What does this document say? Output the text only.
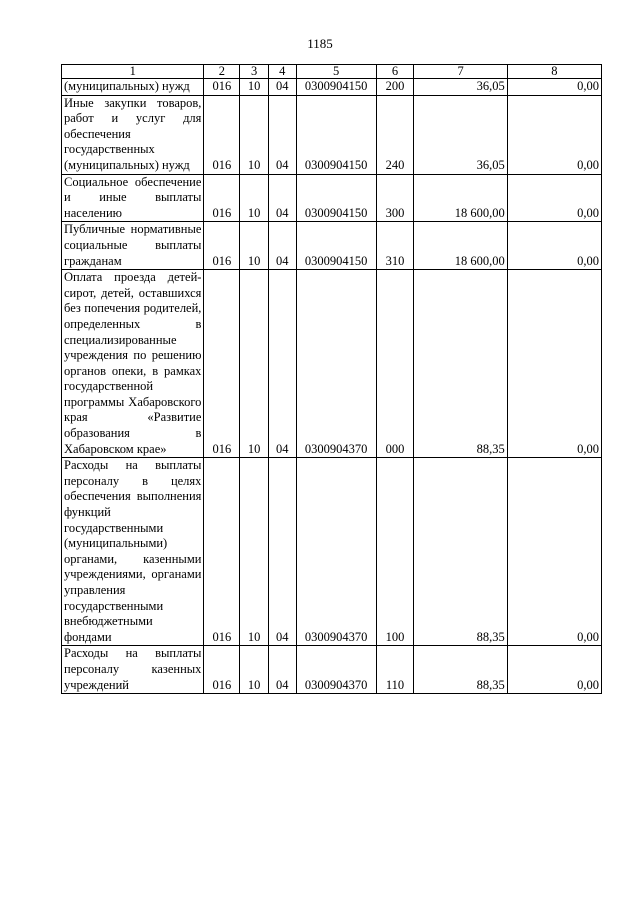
1185
1	2	3	4	5	6	7	8
(муниципальных) нужд	016	10	04	0300904150	200	36,05	0,00
Иные закупки товаров, работ и услуг для обеспечения государственных (муниципальных) нужд	016	10	04	0300904150	240	36,05	0,00
Социальное обеспечение и иные выплаты населению	016	10	04	0300904150	300	18 600,00	0,00
Публичные нормативные социальные выплаты гражданам	016	10	04	0300904150	310	18 600,00	0,00
Оплата проезда детей-сирот, детей, оставшихся без попечения родителей, определенных в специализированные учреждения по решению органов опеки, в рамках государственной программы Хабаровского края «Развитие образования в Хабаровском крае»	016	10	04	0300904370	000	88,35	0,00
Расходы на выплаты персоналу в целях обеспечения выполнения функций государственными (муниципальными) органами, казенными учреждениями, органами управления государственными внебюджетными фондами	016	10	04	0300904370	100	88,35	0,00
Расходы на выплаты персоналу казенных учреждений	016	10	04	0300904370	110	88,35	0,00
